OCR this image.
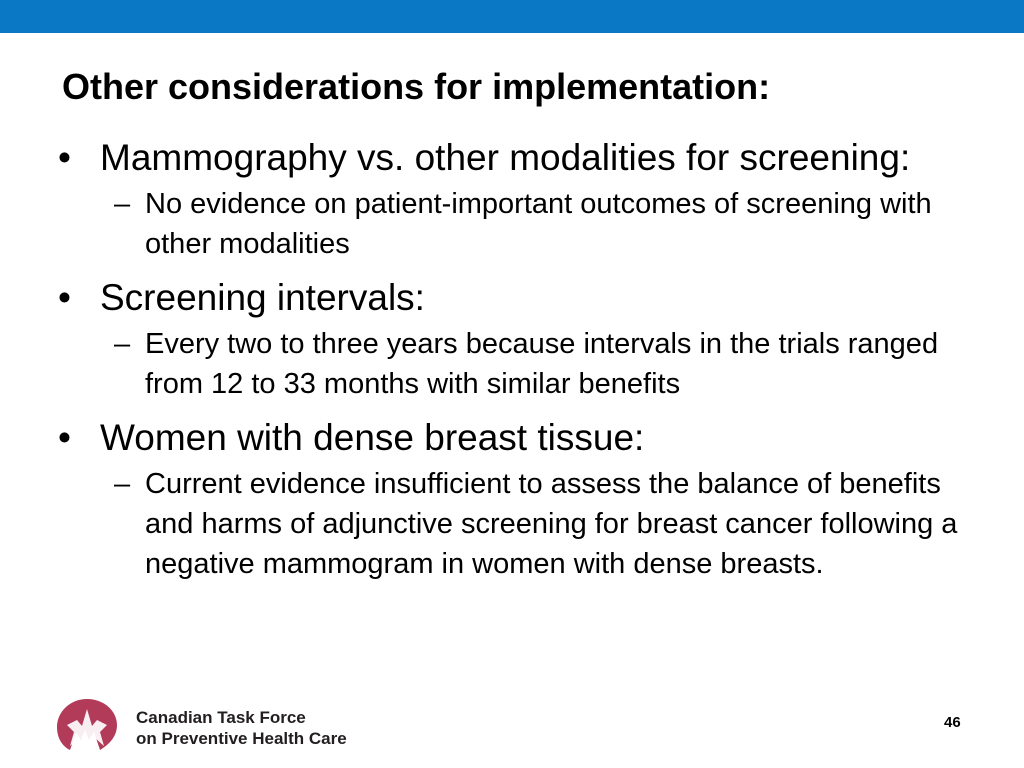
Other considerations for implementation:
• Mammography vs. other modalities for screening:
– No evidence on patient-important outcomes of screening with other modalities
• Screening intervals:
– Every two to three years because intervals in the trials ranged from 12 to 33 months with similar benefits
• Women with dense breast tissue:
– Current evidence insufficient to assess the balance of benefits and harms of adjunctive screening for breast cancer following a negative mammogram in women with dense breasts.
Canadian Task Force
on Preventive Health Care
46
